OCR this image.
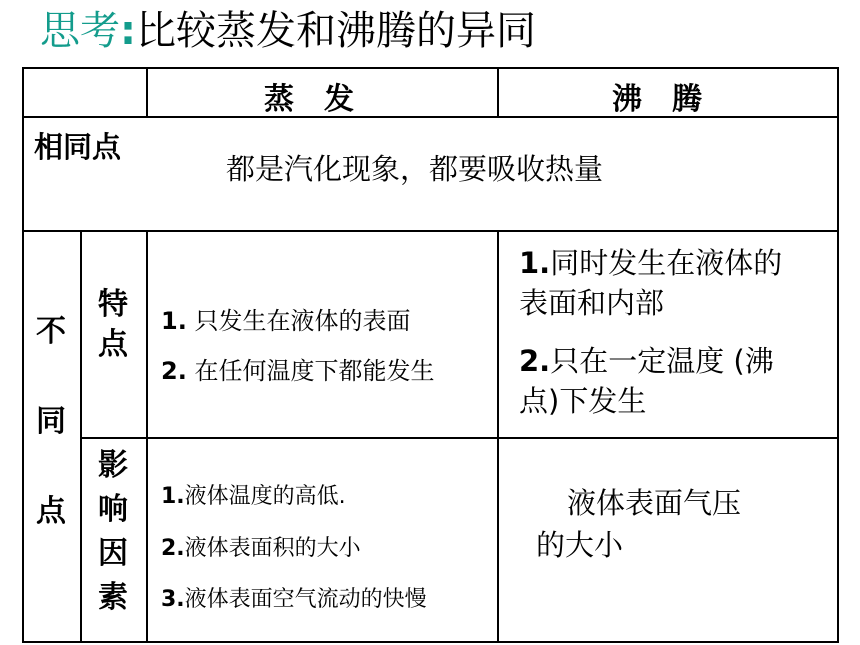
思考:比较蒸发和沸腾的异同
蒸　发	沸　腾
相同点
都是汽化现象，都要吸收热量
不同点
特点
1. 只发生在液体的表面
2. 在任何温度下都能发生
1.同时发生在液体的
表面和内部
2.只在一定温度 (沸
点)下发生
影响因素
1.液体温度的高低.
2.液体表面积的大小
3.液体表面空气流动的快慢
液体表面气压
的大小
